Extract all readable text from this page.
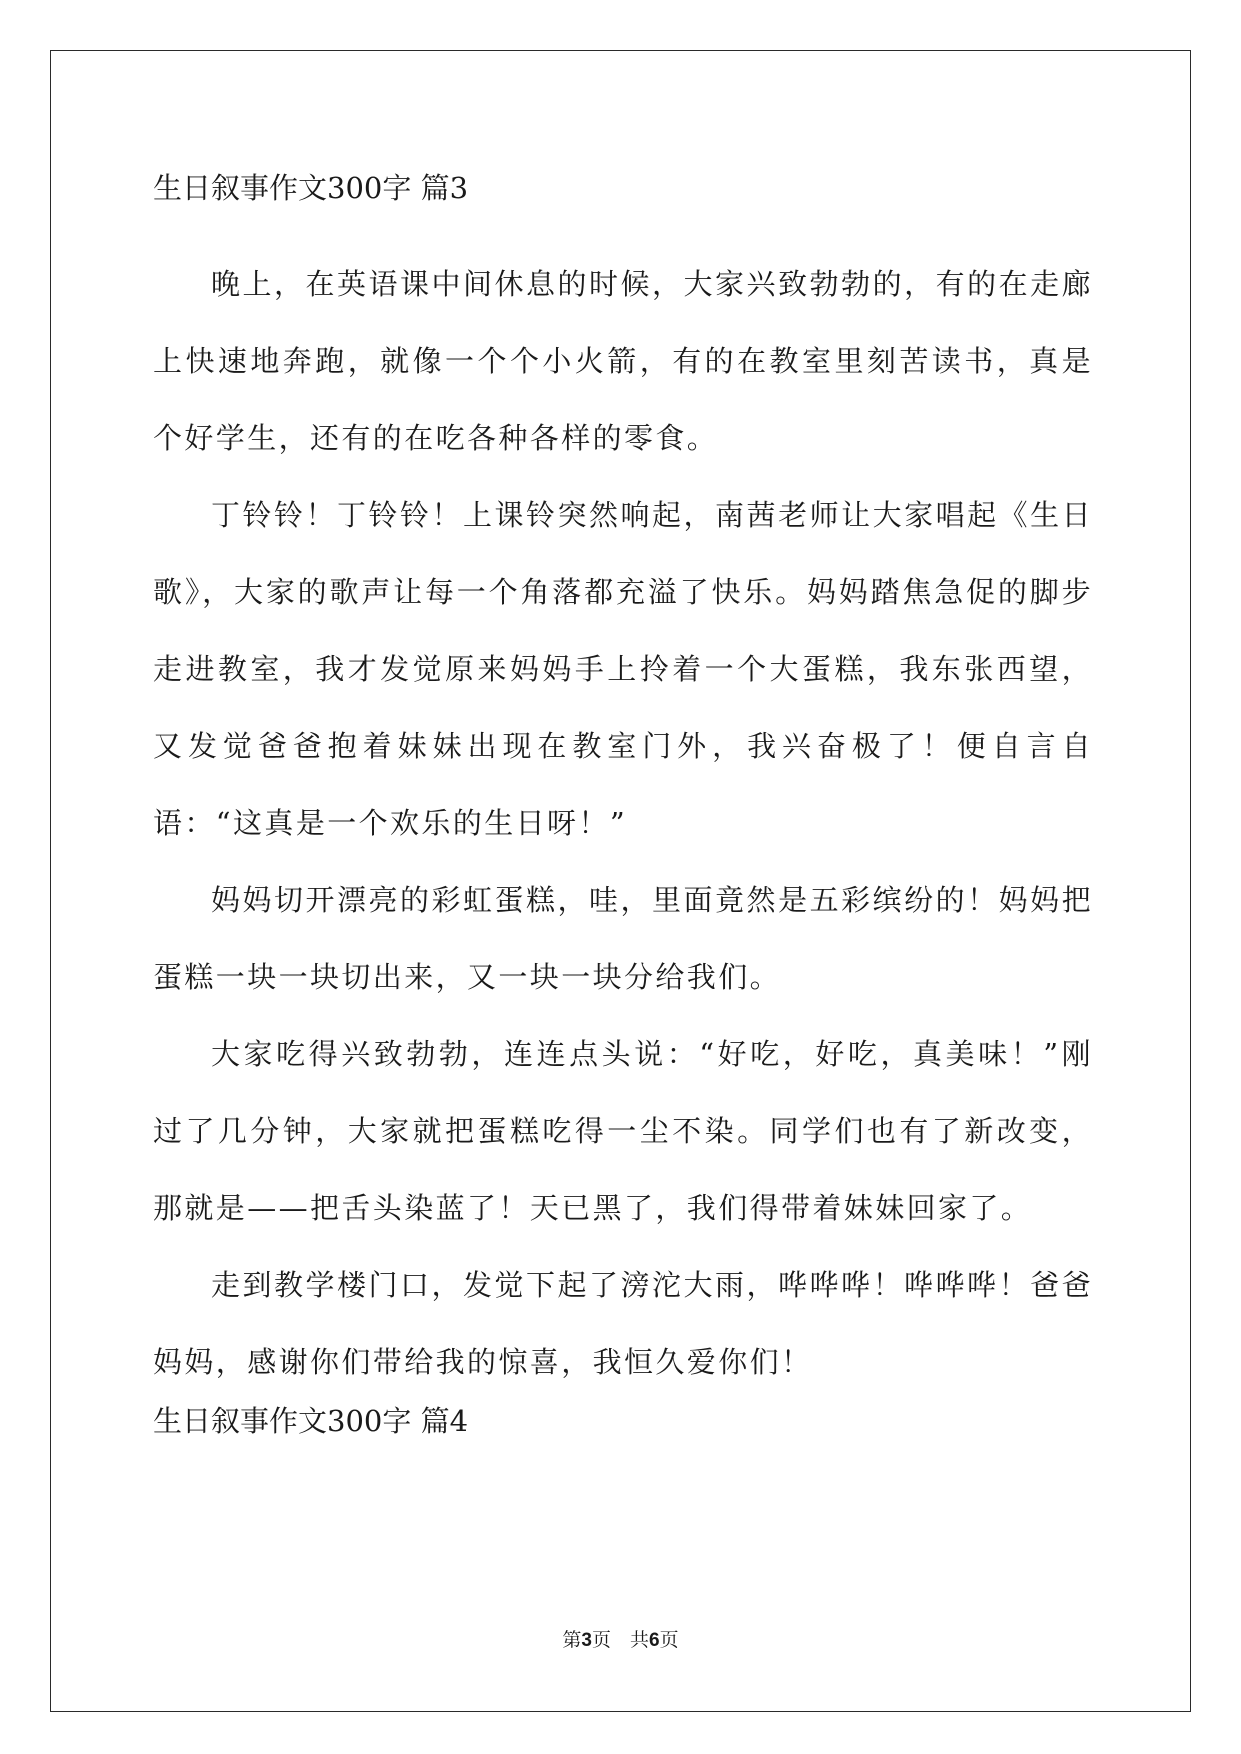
生日叙事作文300字 篇3

晚上，在英语课中间休息的时候，大家兴致勃勃的，有的在走廊上快速地奔跑，就像一个个小火箭，有的在教室里刻苦读书，真是个好学生，还有的在吃各种各样的零食。

丁铃铃！丁铃铃！上课铃突然响起，南茜老师让大家唱起《生日歌》，大家的歌声让每一个角落都充溢了快乐。妈妈踏焦急促的脚步走进教室，我才发觉原来妈妈手上拎着一个大蛋糕，我东张西望，又发觉爸爸抱着妹妹出现在教室门外，我兴奋极了！便自言自语：“这真是一个欢乐的生日呀！”

妈妈切开漂亮的彩虹蛋糕，哇，里面竟然是五彩缤纷的！妈妈把蛋糕一块一块切出来，又一块一块分给我们。

大家吃得兴致勃勃，连连点头说：“好吃，好吃，真美味！”刚过了几分钟，大家就把蛋糕吃得一尘不染。同学们也有了新改变，那就是——把舌头染蓝了！天已黑了，我们得带着妹妹回家了。

走到教学楼门口，发觉下起了滂沱大雨，哗哗哗！哗哗哗！爸爸妈妈，感谢你们带给我的惊喜，我恒久爱你们！

生日叙事作文300字 篇4
第3页　共6页
